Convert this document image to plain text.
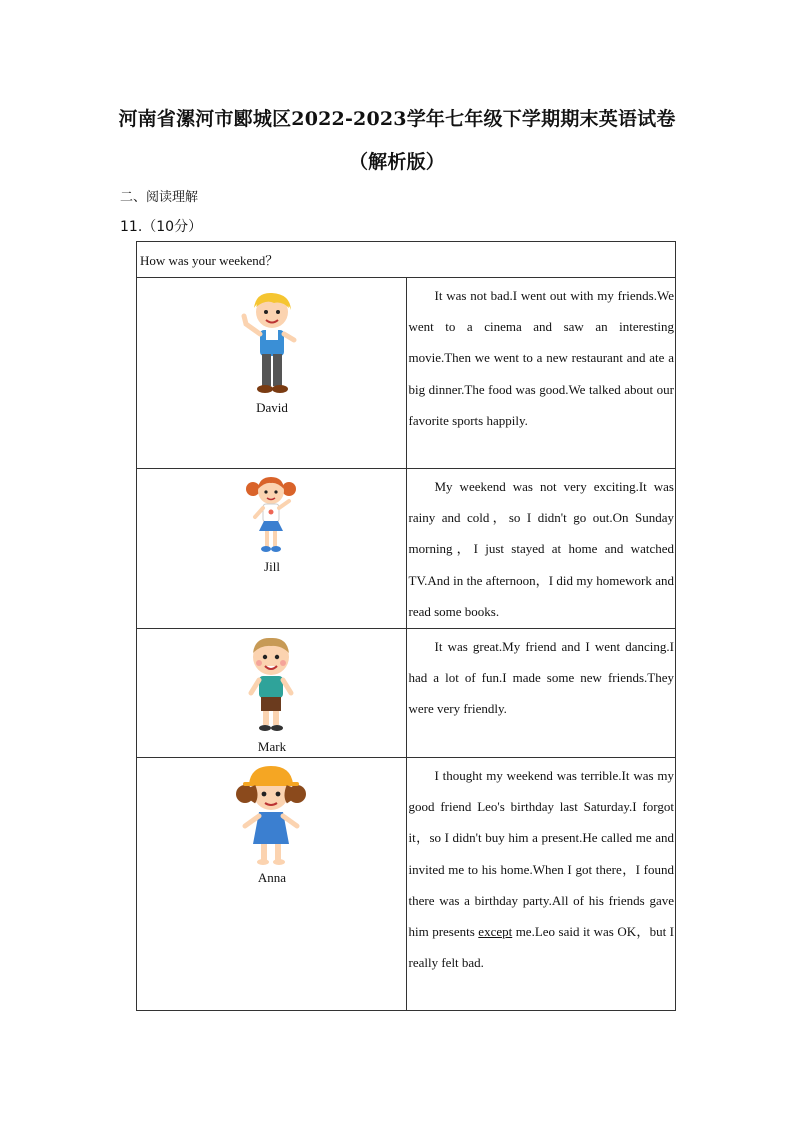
河南省漯河市郾城区2022-2023学年七年级下学期期末英语试卷
（解析版）
二、阅读理解
11.（10分）
How was your weekend？	

David	It was not bad.I went out with my friends.We went to a cinema and saw an interesting movie.Then we went to a new restaurant and ate a big dinner.The food was good.We talked about our favorite sports happily.

Jill	My weekend was not very exciting.It was rainy and cold，so I didn't go out.On Sunday morning，I just stayed at home and watched TV.And in the afternoon，I did my homework and read some books.

Mark	It was great.My friend and I went dancing.I had a lot of fun.I made some new friends.They were very friendly.

Anna	I thought my weekend was terrible.It was my good friend Leo's birthday last Saturday.I forgot it，so I didn't buy him a present.He called me and invited me to his home.When I got there，I found there was a birthday party.All of his friends gave him presents except me.Leo said it was OK，but I really felt bad.
